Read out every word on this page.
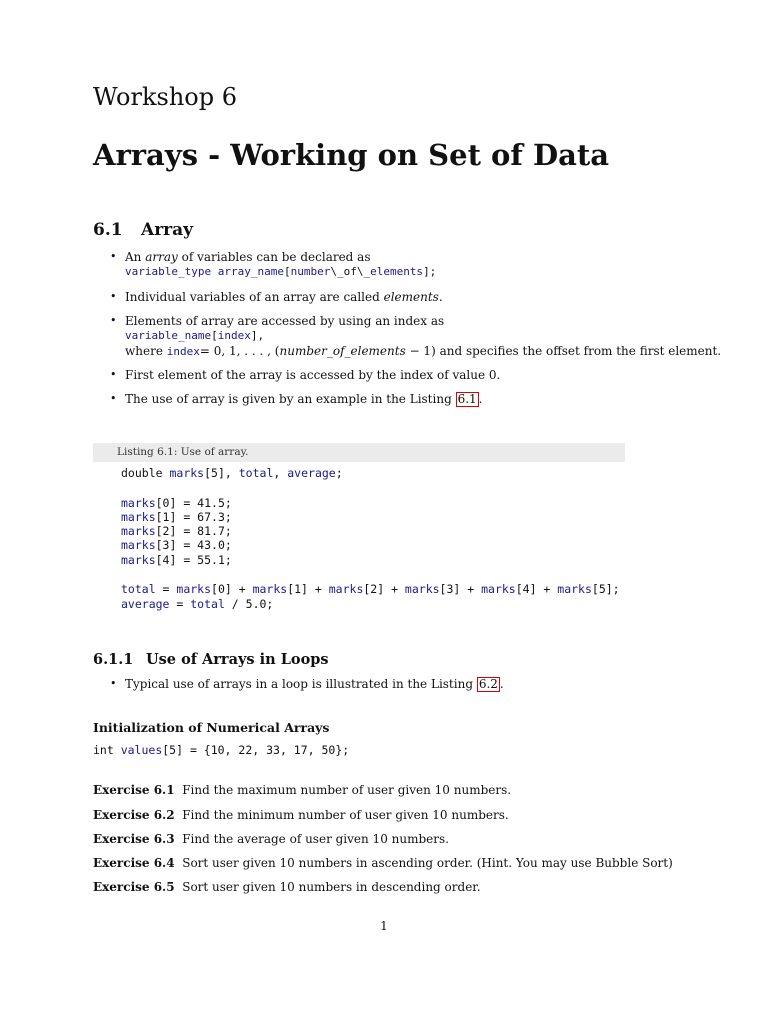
Workshop 6
Arrays - Working on Set of Data
6.1 Array
• An array of variables can be declared as
variable_type array_name[number\_of\_elements];
• Individual variables of an array are called elements.
• Elements of array are accessed by using an index as
variable_name[index],
where index= 0, 1, . . . , (number_of_elements − 1) and specifies the offset from the first element.
• First element of the array is accessed by the index of value 0.
• The use of array is given by an example in the Listing 6.1 .
Listing 6.1: Use of array.
double marks[5], total, average;
marks[0] = 41.5;
marks[1] = 67.3;
marks[2] = 81.7;
marks[3] = 43.0;
marks[4] = 55.1;
total = marks[0] + marks[1] + marks[2] + marks[3] + marks[4] + marks[5];
average = total / 5.0;
6.1.1 Use of Arrays in Loops
• Typical use of arrays in a loop is illustrated in the Listing 6.2 .
Initialization of Numerical Arrays
int values[5] = {10, 22, 33, 17, 50};
Exercise 6.1 Find the maximum number of user given 10 numbers.
Exercise 6.2 Find the minimum number of user given 10 numbers.
Exercise 6.3 Find the average of user given 10 numbers.
Exercise 6.4 Sort user given 10 numbers in ascending order. (Hint. You may use Bubble Sort)
Exercise 6.5 Sort user given 10 numbers in descending order.
1
